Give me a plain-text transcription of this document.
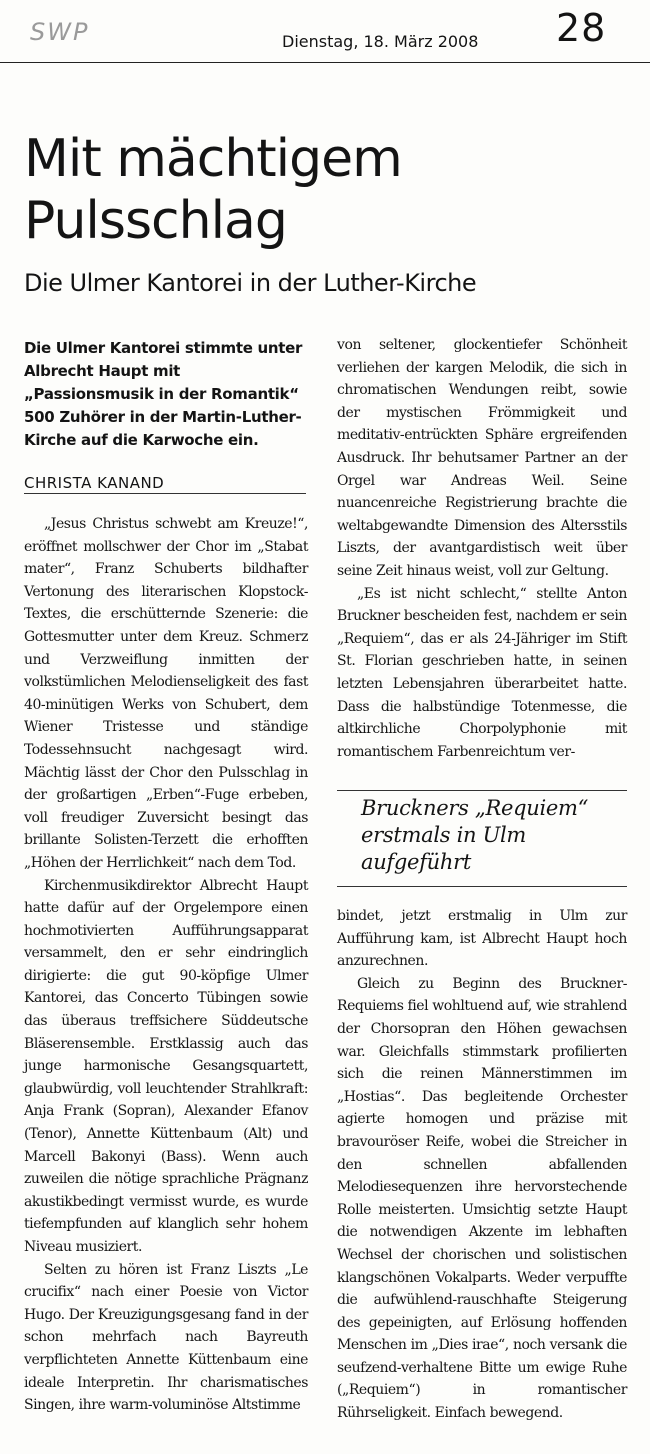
SWP	Dienstag, 18. März 2008 28
Mit mächtigem
Pulsschlag
Die Ulmer Kantorei in der Luther-Kirche

Die Ulmer Kantorei stimmte unter Albrecht Haupt mit „Passionsmusik in der Romantik“ 500 Zuhörer in der Martin-Luther-Kirche auf die Karwoche ein.

CHRISTA KANAND

„Jesus Christus schwebt am Kreuze!“, eröffnet mollschwer der Chor im „Stabat mater“, Franz Schuberts bildhafter Vertonung des literarischen Klopstock-Textes, die erschütternde Szenerie: die Gottesmutter unter dem Kreuz. Schmerz und Verzweiflung inmitten der volkstümlichen Melodienseligkeit des fast 40-minütigen Werks von Schubert, dem Wiener Tristesse und ständige Todessehnsucht nachgesagt wird. Mächtig lässt der Chor den Pulsschlag in der großartigen „Erben“-Fuge erbeben, voll freudiger Zuversicht besingt das brillante Solisten-Terzett die erhofften „Höhen der Herrlichkeit“ nach dem Tod.

Kirchenmusikdirektor Albrecht Haupt hatte dafür auf der Orgelempore einen hochmotivierten Aufführungsapparat versammelt, den er sehr eindringlich dirigierte: die gut 90-köpfige Ulmer Kantorei, das Concerto Tübingen sowie das überaus treffsichere Süddeutsche Bläserensemble. Erstklassig auch das junge harmonische Gesangsquartett, glaubwürdig, voll leuchtender Strahlkraft: Anja Frank (Sopran), Alexander Efanov (Tenor), Annette Küttenbaum (Alt) und Marcell Bakonyi (Bass). Wenn auch zuweilen die nötige sprachliche Prägnanz akustikbedingt vermisst wurde, es wurde tiefempfunden auf klanglich sehr hohem Niveau musiziert.

Selten zu hören ist Franz Liszts „Le crucifix“ nach einer Poesie von Victor Hugo. Der Kreuzigungsgesang fand in der schon mehrfach nach Bayreuth verpflichteten Annette Küttenbaum eine ideale Interpretin. Ihr charismatisches Singen, ihre warm-voluminöse Altstimme

von seltener, glockentiefer Schönheit verliehen der kargen Melodik, die sich in chromatischen Wendungen reibt, sowie der mystischen Frömmigkeit und meditativ-entrückten Sphäre ergreifenden Ausdruck. Ihr behutsamer Partner an der Orgel war Andreas Weil. Seine nuancenreiche Registrierung brachte die weltabgewandte Dimension des Altersstils Liszts, der avantgardistisch weit über seine Zeit hinaus weist, voll zur Geltung.

„Es ist nicht schlecht,“ stellte Anton Bruckner bescheiden fest, nachdem er sein „Requiem“, das er als 24-Jähriger im Stift St. Florian geschrieben hatte, in seinen letzten Lebensjahren überarbeitet hatte. Dass die halbstündige Totenmesse, die altkirchliche Chorpolyphonie mit romantischem Farbenreichtum ver-

Bruckners „Requiem“ erstmals in Ulm aufgeführt

bindet, jetzt erstmalig in Ulm zur Aufführung kam, ist Albrecht Haupt hoch anzurechnen.

Gleich zu Beginn des Bruckner-Requiems fiel wohltuend auf, wie strahlend der Chorsopran den Höhen gewachsen war. Gleichfalls stimmstark profilierten sich die reinen Männerstimmen im „Hostias“. Das begleitende Orchester agierte homogen und präzise mit bravouröser Reife, wobei die Streicher in den schnellen abfallenden Melodiesequenzen ihre hervorstechende Rolle meisterten. Umsichtig setzte Haupt die notwendigen Akzente im lebhaften Wechsel der chorischen und solistischen klangschönen Vokalparts. Weder verpuffte die aufwühlend-rauschhafte Steigerung des gepeinigten, auf Erlösung hoffenden Menschen im „Dies irae“, noch versank die seufzend-verhaltene Bitte um ewige Ruhe („Requiem“) in romantischer Rührseligkeit. Einfach bewegend.
